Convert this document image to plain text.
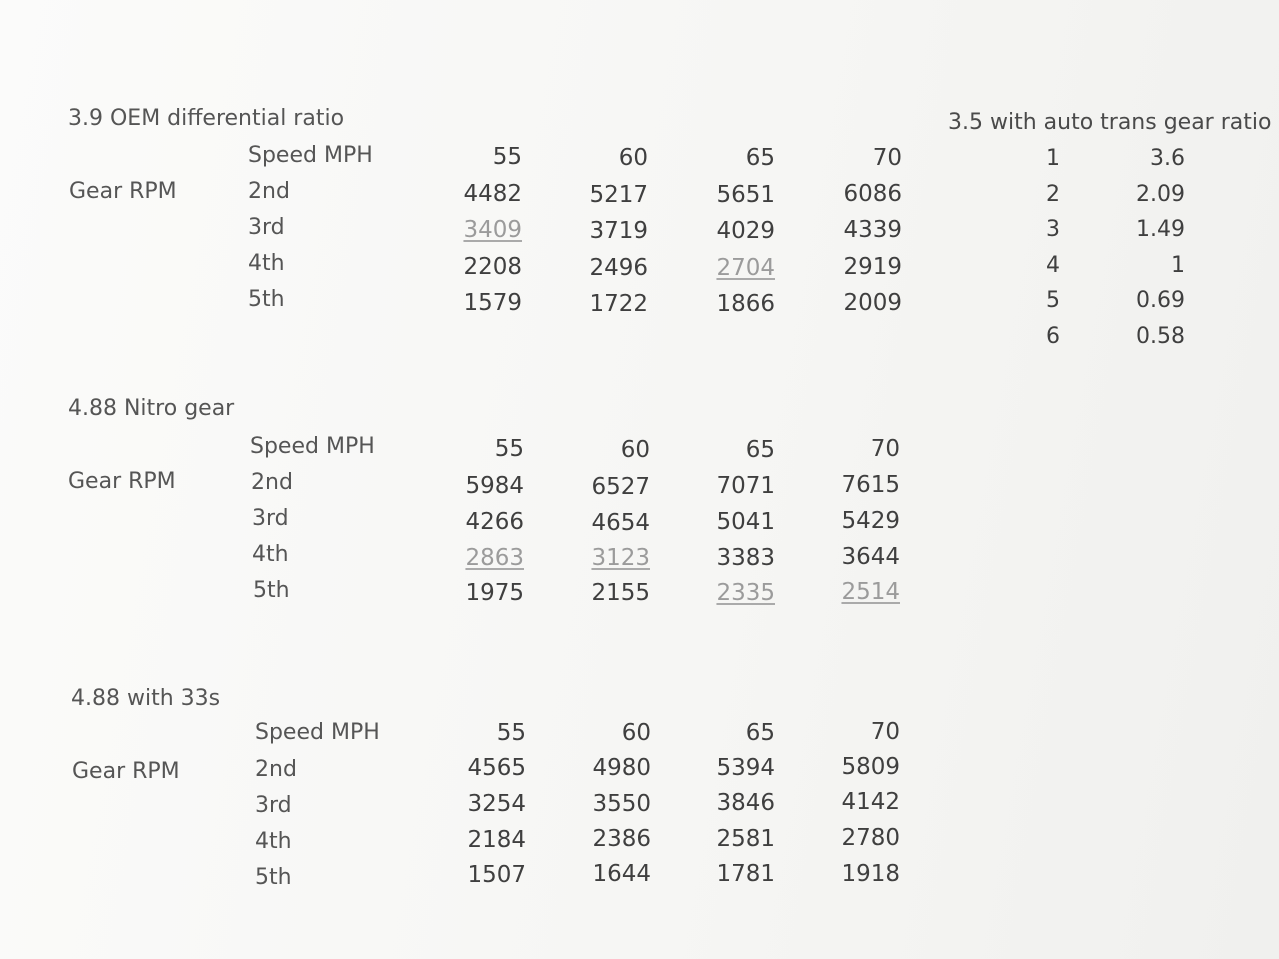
3.9 OEM differential ratio
Speed MPH	55	60	65	70
Gear RPM	2nd	4482	5217	5651	6086
3rd	3409	3719	4029	4339
4th	2208	2496	2704	2919
5th	1579	1722	1866	2009
3.5 with auto trans gear ratio
1	3.6
2	2.09
3	1.49
4	1
5	0.69
6	0.58
4.88 Nitro gear
Speed MPH	55	60	65	70
Gear RPM	2nd	5984	6527	7071	7615
3rd	4266	4654	5041	5429
4th	2863	3123	3383	3644
5th	1975	2155	2335	2514
4.88 with 33s
Speed MPH	55	60	65	70
Gear RPM	2nd	4565	4980	5394	5809
3rd	3254	3550	3846	4142
4th	2184	2386	2581	2780
5th	1507	1644	1781	1918
